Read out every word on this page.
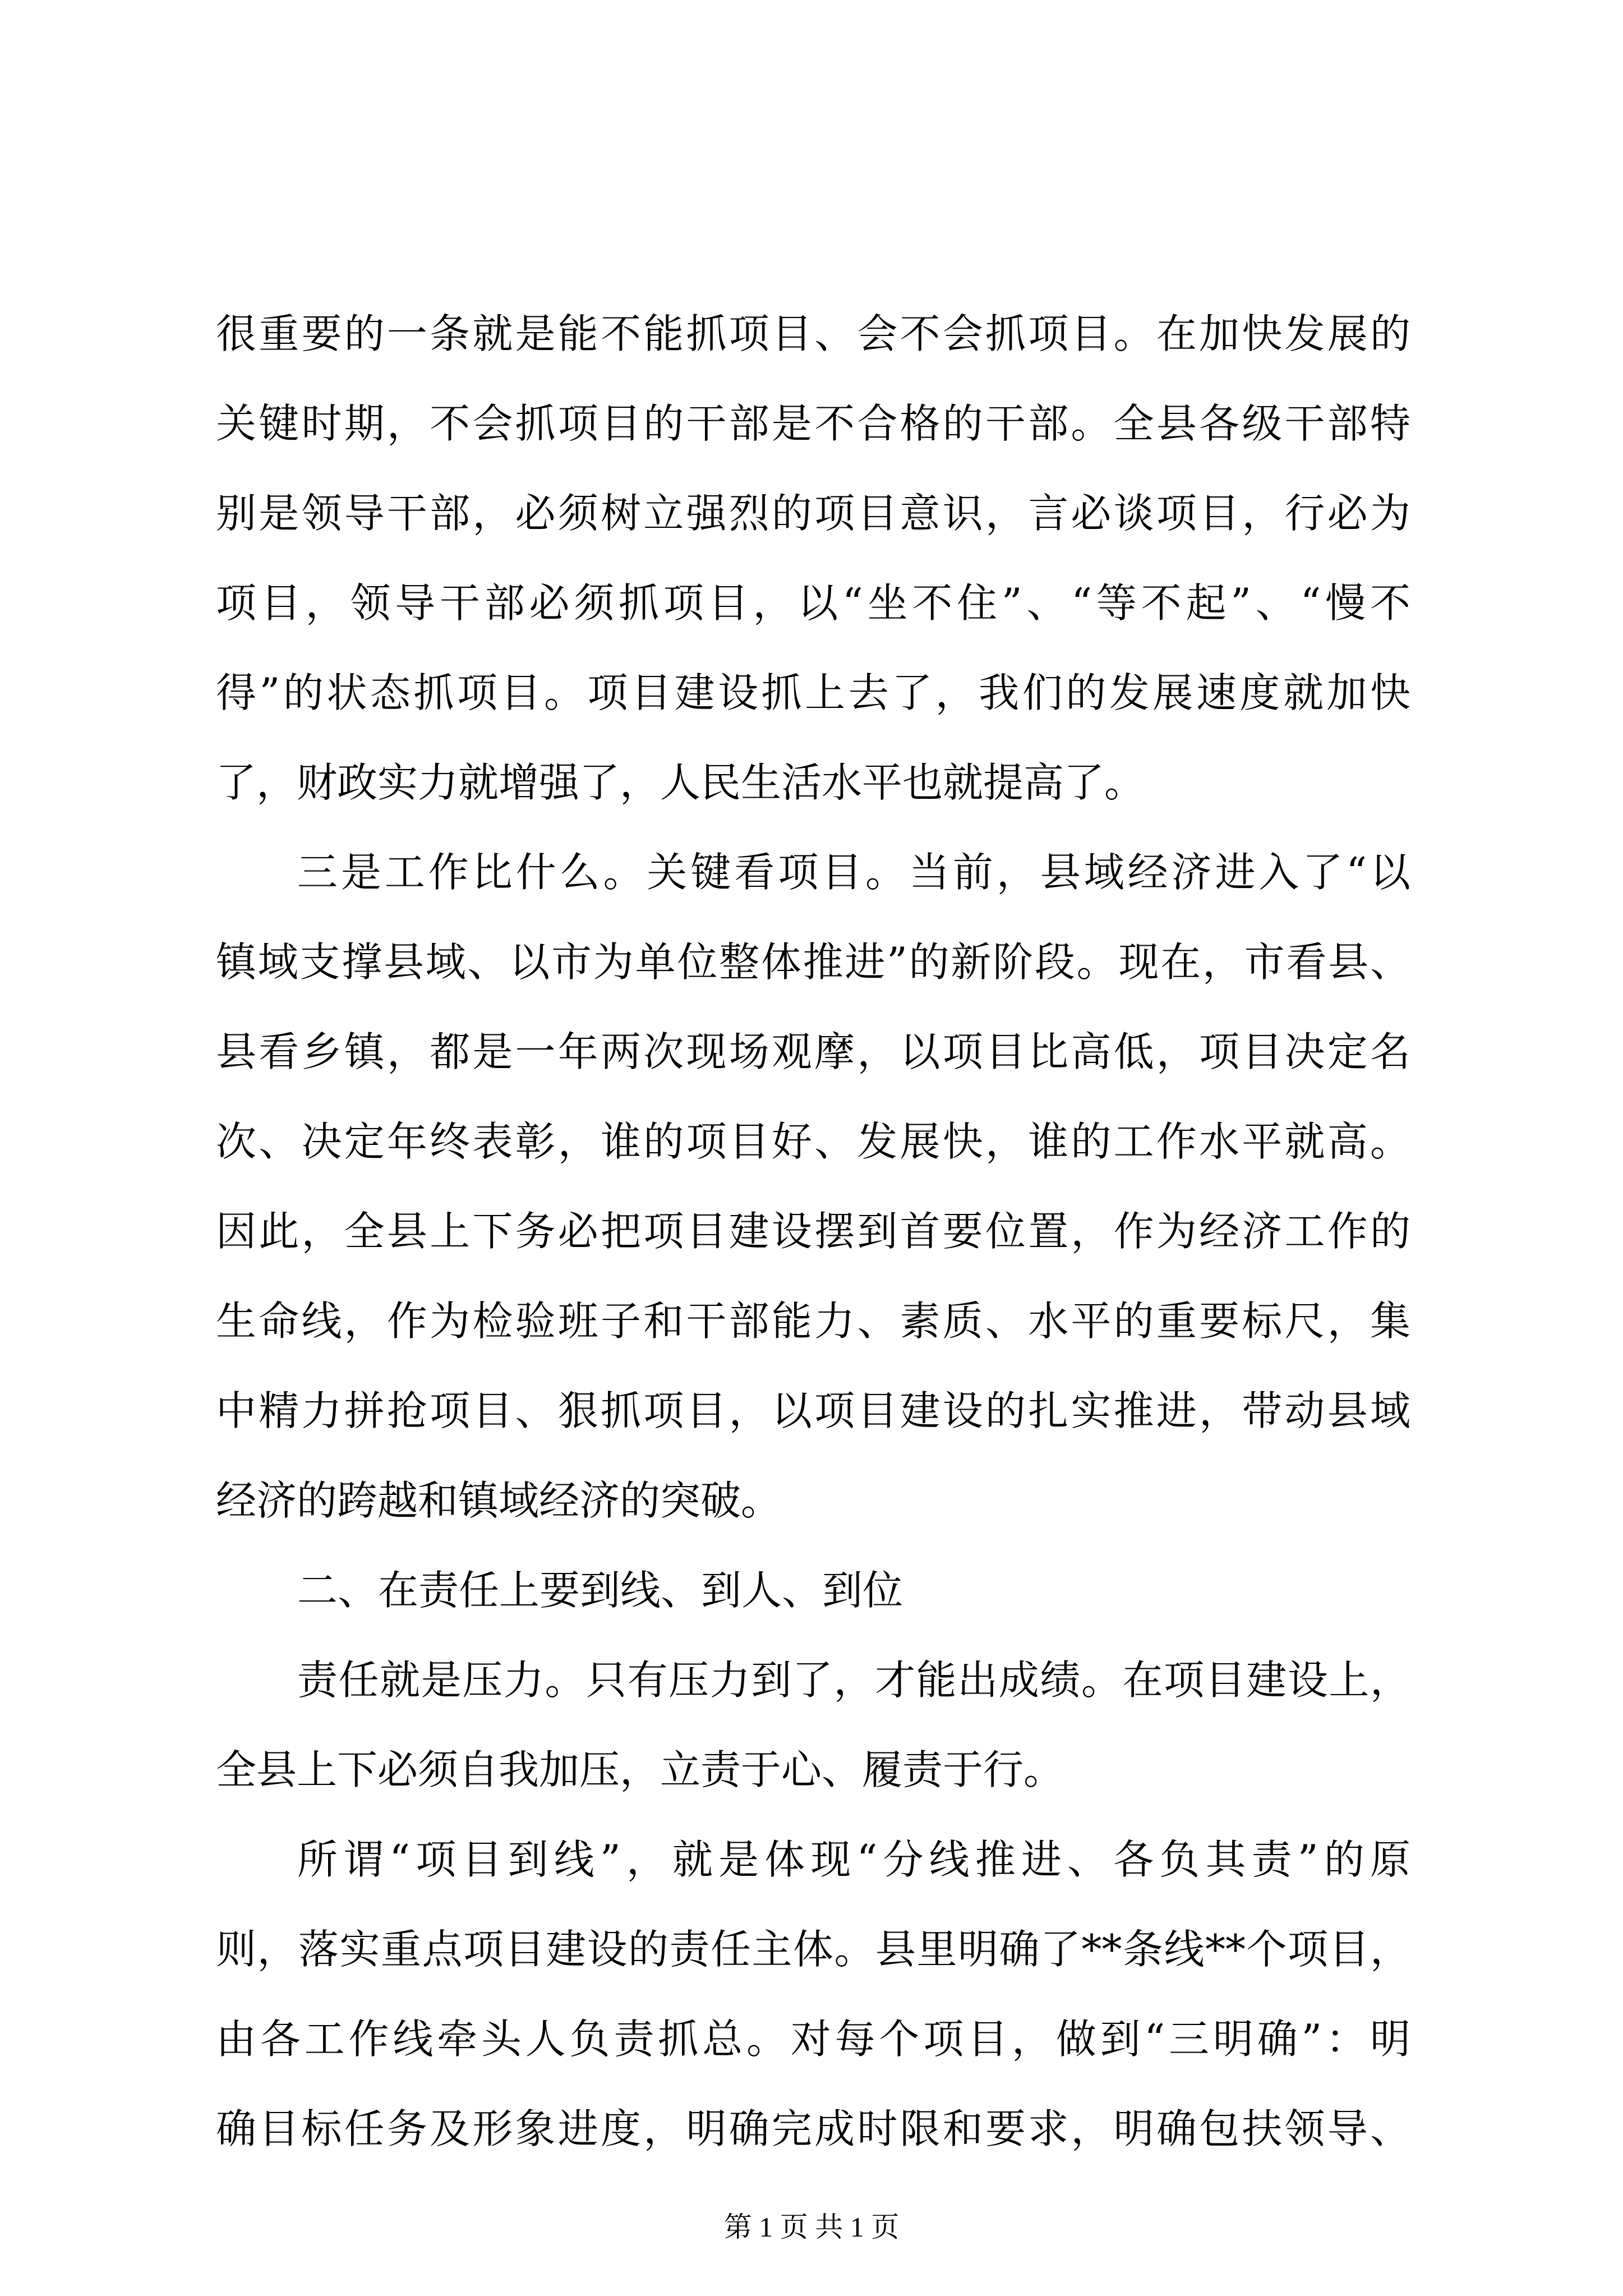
很重要的一条就是能不能抓项目、会不会抓项目。在加快发展的

关键时期，不会抓项目的干部是不合格的干部。全县各级干部特

别是领导干部，必须树立强烈的项目意识，言必谈项目，行必为

项目，领导干部必须抓项目，以“坐不住”、“等不起”、“慢不

得”的状态抓项目。项目建设抓上去了，我们的发展速度就加快

了，财政实力就增强了，人民生活水平也就提高了。

三是工作比什么。关键看项目。当前，县域经济进入了“以

镇域支撑县域、以市为单位整体推进”的新阶段。现在，市看县、

县看乡镇，都是一年两次现场观摩，以项目比高低，项目决定名

次、决定年终表彰，谁的项目好、发展快，谁的工作水平就高。

因此，全县上下务必把项目建设摆到首要位置，作为经济工作的

生命线，作为检验班子和干部能力、素质、水平的重要标尺，集

中精力拼抢项目、狠抓项目，以项目建设的扎实推进，带动县域

经济的跨越和镇域经济的突破。

二、在责任上要到线、到人、到位

责任就是压力。只有压力到了，才能出成绩。在项目建设上，

全县上下必须自我加压，立责于心、履责于行。

所谓“项目到线”，就是体现“分线推进、各负其责”的原

则，落实重点项目建设的责任主体。县里明确了**条线**个项目，

由各工作线牵头人负责抓总。对每个项目，做到“三明确”：明

确目标任务及形象进度，明确完成时限和要求，明确包扶领导、

第 1 页 共 1 页
